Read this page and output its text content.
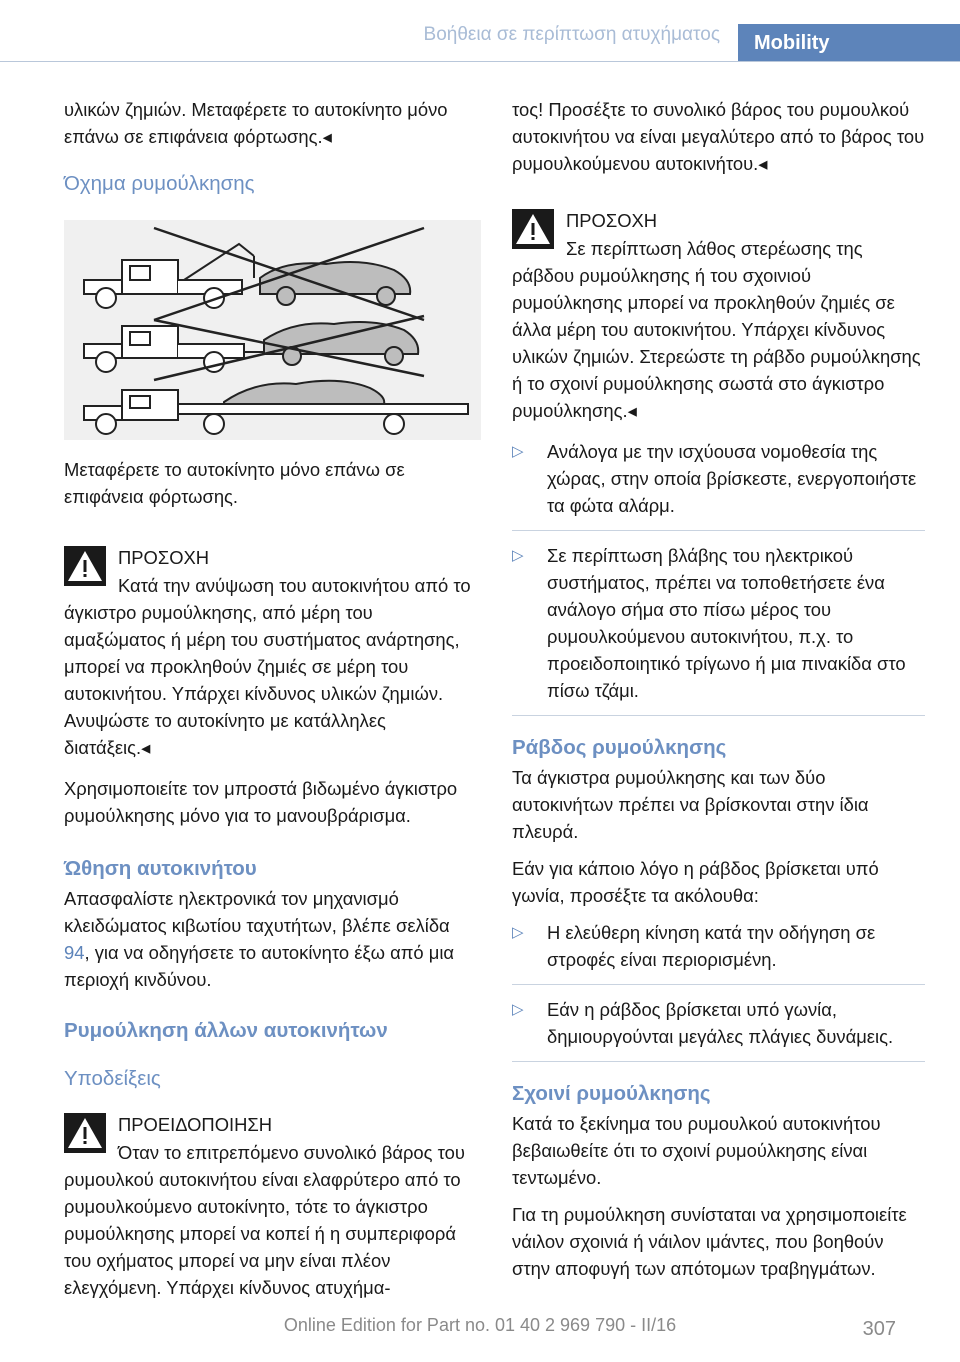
Βοήθεια σε περίπτωση ατυχήματος	Mobility

υλικών ζημιών. Μεταφέρετε το αυτοκίνητο μόνο επάνω σε επιφάνεια φόρτωσης.◂

Όχημα ρυμούλκησης

Μεταφέρετε το αυτοκίνητο μόνο επάνω σε επιφάνεια φόρτωσης.

ΠΡΟΣΟΧΗ
Κατά την ανύψωση του αυτοκινήτου από το άγκιστρο ρυμούλκησης, από μέρη του αμαξώματος ή μέρη του συστήματος ανάρτησης, μπορεί να προκληθούν ζημιές σε μέρη του αυτοκινήτου. Υπάρχει κίνδυνος υλικών ζημιών. Ανυψώστε το αυτοκίνητο με κατάλληλες διατάξεις.◂

Χρησιμοποιείτε τον μπροστά βιδωμένο άγκιστρο ρυμούλκησης μόνο για το μανουβράρισμα.

Ώθηση αυτοκινήτου

Απασφαλίστε ηλεκτρονικά τον μηχανισμό κλειδώματος κιβωτίου ταχυτήτων, βλέπε σελίδα 94, για να οδηγήσετε το αυτοκίνητο έξω από μια περιοχή κινδύνου.

Ρυμούλκηση άλλων αυτοκινήτων
Υποδείξεις
ΠΡΟΕΙΔΟΠΟΙΗΣΗ
Όταν το επιτρεπόμενο συνολικό βάρος του ρυμουλκού αυτοκινήτου είναι ελαφρύτερο από το ρυμουλκούμενο αυτοκίνητο, τότε το άγκιστρο ρυμούλκησης μπορεί να κοπεί ή η συμπεριφορά του οχήματος μπορεί να μην είναι πλέον ελεγχόμενη. Υπάρχει κίνδυνος ατυχήμα-

τος! Προσέξτε το συνολικό βάρος του ρυμουλκού αυτοκινήτου να είναι μεγαλύτερο από το βάρος του ρυμουλκούμενου αυτοκινήτου.◂

ΠΡΟΣΟΧΗ
Σε περίπτωση λάθος στερέωσης της ράβδου ρυμούλκησης ή του σχοινιού ρυμούλκησης μπορεί να προκληθούν ζημιές σε άλλα μέρη του αυτοκινήτου. Υπάρχει κίνδυνος υλικών ζημιών. Στερεώστε τη ράβδο ρυμούλκησης ή το σχοινί ρυμούλκησης σωστά στο άγκιστρο ρυμούλκησης.◂
▷ Ανάλογα με την ισχύουσα νομοθεσία της χώρας, στην οποία βρίσκεστε, ενεργοποιήστε τα φώτα αλάρμ.
▷ Σε περίπτωση βλάβης του ηλεκτρικού συστήματος, πρέπει να τοποθετήσετε ένα ανάλογο σήμα στο πίσω μέρος του ρυμουλκούμενου αυτοκινήτου, π.χ. το προειδοποιητικό τρίγωνο ή μια πινακίδα στο πίσω τζάμι.
Ράβδος ρυμούλκησης

Τα άγκιστρα ρυμούλκησης και των δύο αυτοκινήτων πρέπει να βρίσκονται στην ίδια πλευρά.

Εάν για κάποιο λόγο η ράβδος βρίσκεται υπό γωνία, προσέξτε τα ακόλουθα:

▷ Η ελεύθερη κίνηση κατά την οδήγηση σε στροφές είναι περιορισμένη.
▷ Εάν η ράβδος βρίσκεται υπό γωνία, δημιουργούνται μεγάλες πλάγιες δυνάμεις.
Σχοινί ρυμούλκησης

Κατά το ξεκίνημα του ρυμουλκού αυτοκινήτου βεβαιωθείτε ότι το σχοινί ρυμούλκησης είναι τεντωμένο.

Για τη ρυμούλκηση συνίσταται να χρησιμοποιείτε νάιλον σχοινιά ή νάιλον ιμάντες, που βοηθούν στην αποφυγή των απότομων τραβηγμάτων.

Online Edition for Part no. 01 40 2 969 790 - II/16	307
